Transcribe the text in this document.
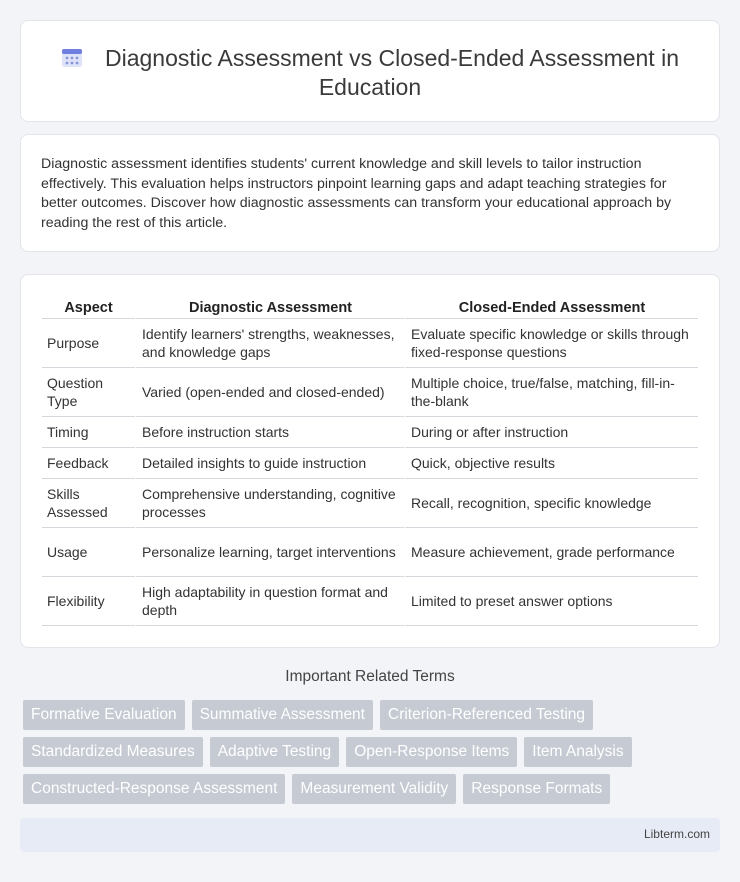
Diagnostic Assessment vs Closed-Ended Assessment in Education

Diagnostic assessment identifies students' current knowledge and skill levels to tailor instruction effectively. This evaluation helps instructors pinpoint learning gaps and adapt teaching strategies for better outcomes. Discover how diagnostic assessments can transform your educational approach by reading the rest of this article.

Aspect	Diagnostic Assessment	Closed-Ended Assessment
Purpose	Identify learners' strengths, weaknesses, and knowledge gaps	Evaluate specific knowledge or skills through fixed-response questions
Question Type	Varied (open-ended and closed-ended)	Multiple choice, true/false, matching, fill-in-the-blank
Timing	Before instruction starts	During or after instruction
Feedback	Detailed insights to guide instruction	Quick, objective results
Skills Assessed	Comprehensive understanding, cognitive processes	Recall, recognition, specific knowledge
Usage	Personalize learning, target interventions	Measure achievement, grade performance
Flexibility	High adaptability in question format and depth	Limited to preset answer options
Important Related Terms
Formative Evaluation	Summative Assessment	Criterion-Referenced Testing
Standardized Measures	Adaptive Testing	Open-Response Items	Item Analysis
Constructed-Response Assessment	Measurement Validity	Response Formats
Libterm.com
